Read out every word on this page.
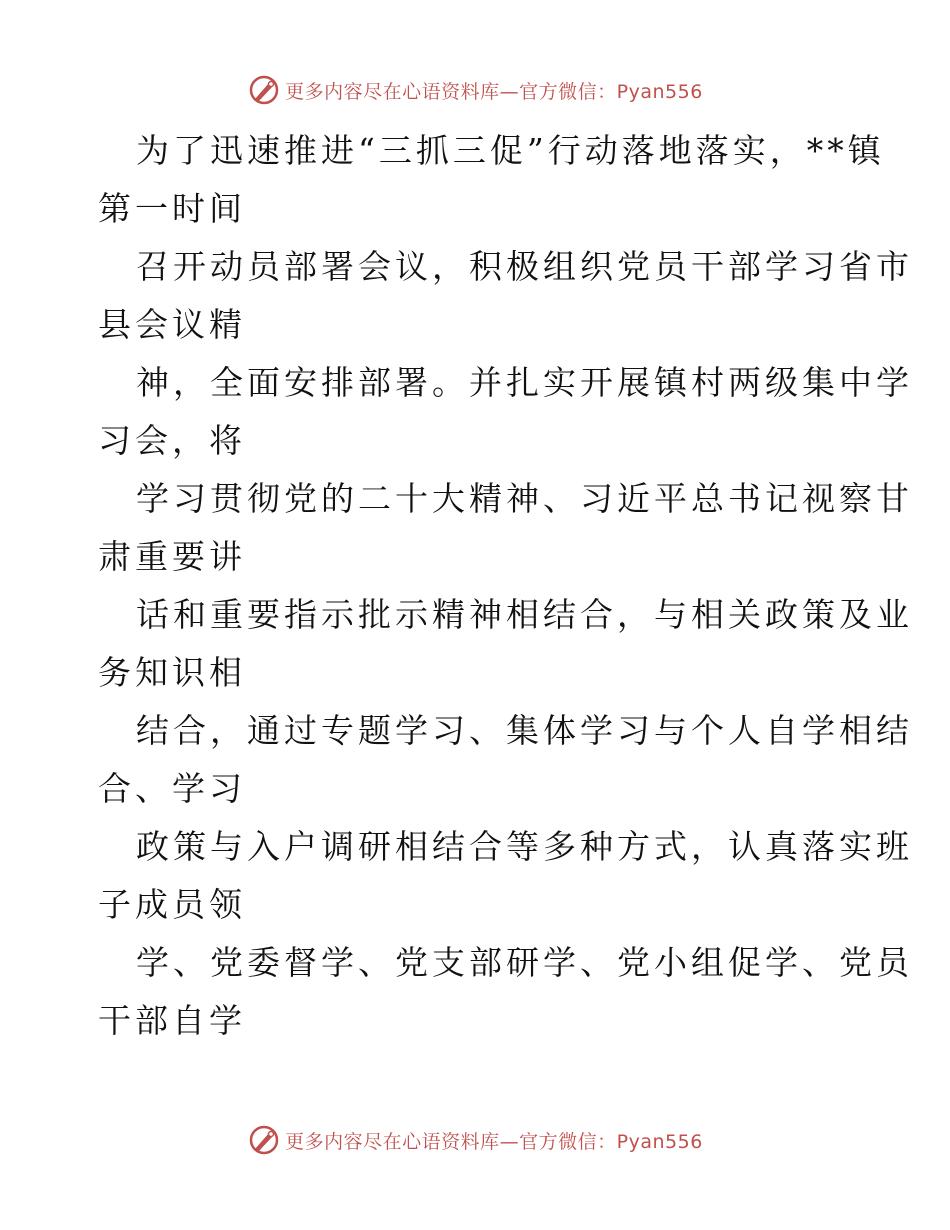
更多内容尽在心语资料库—官方微信：Pyan556
为了迅速推进“三抓三促”行动落地落实，**镇
第一时间
召开动员部署会议，积极组织党员干部学习省市
县会议精
神，全面安排部署。并扎实开展镇村两级集中学
习会，将
学习贯彻党的二十大精神、习近平总书记视察甘
肃重要讲
话和重要指示批示精神相结合，与相关政策及业
务知识相
结合，通过专题学习、集体学习与个人自学相结
合、学习
政策与入户调研相结合等多种方式，认真落实班
子成员领
学、党委督学、党支部研学、党小组促学、党员
干部自学
更多内容尽在心语资料库—官方微信：Pyan556
